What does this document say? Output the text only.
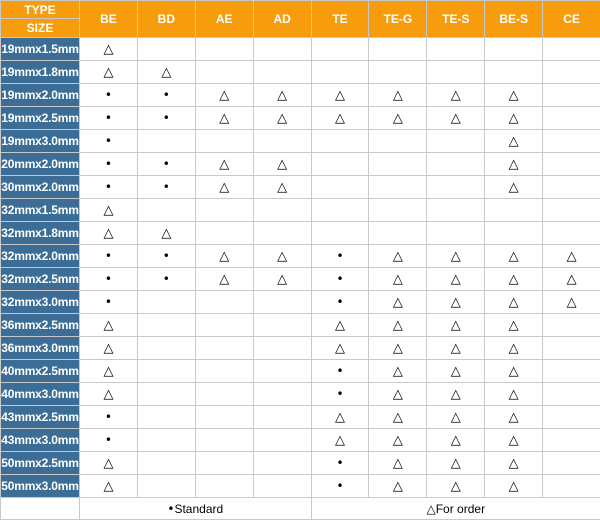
TYPE	BE	BD	AE	AD	TE	TE-G	TE-S	BE-S	CE
SIZE									
19mmx1.5mm	△								
19mmx1.8mm	△	△							
19mmx2.0mm	•	•	△	△	△	△	△	△	
19mmx2.5mm	•	•	△	△	△	△	△	△	
19mmx3.0mm	•							△	
20mmx2.0mm	•	•	△	△				△	
30mmx2.0mm	•	•	△	△				△	
32mmx1.5mm	△								
32mmx1.8mm	△	△							
32mmx2.0mm	•	•	△	△	•	△	△	△	△
32mmx2.5mm	•	•	△	△	•	△	△	△	△
32mmx3.0mm	•				•	△	△	△	△
36mmx2.5mm	△				△	△	△	△	
36mmx3.0mm	△				△	△	△	△	
40mmx2.5mm	△				•	△	△	△	
40mmx3.0mm	△				•	△	△	△	
43mmx2.5mm	•				△	△	△	△	
43mmx3.0mm	•				△	△	△	△	
50mmx2.5mm	△				•	△	△	△	
50mmx3.0mm	△				•	△	△	△	
	•Standard				△For order				
